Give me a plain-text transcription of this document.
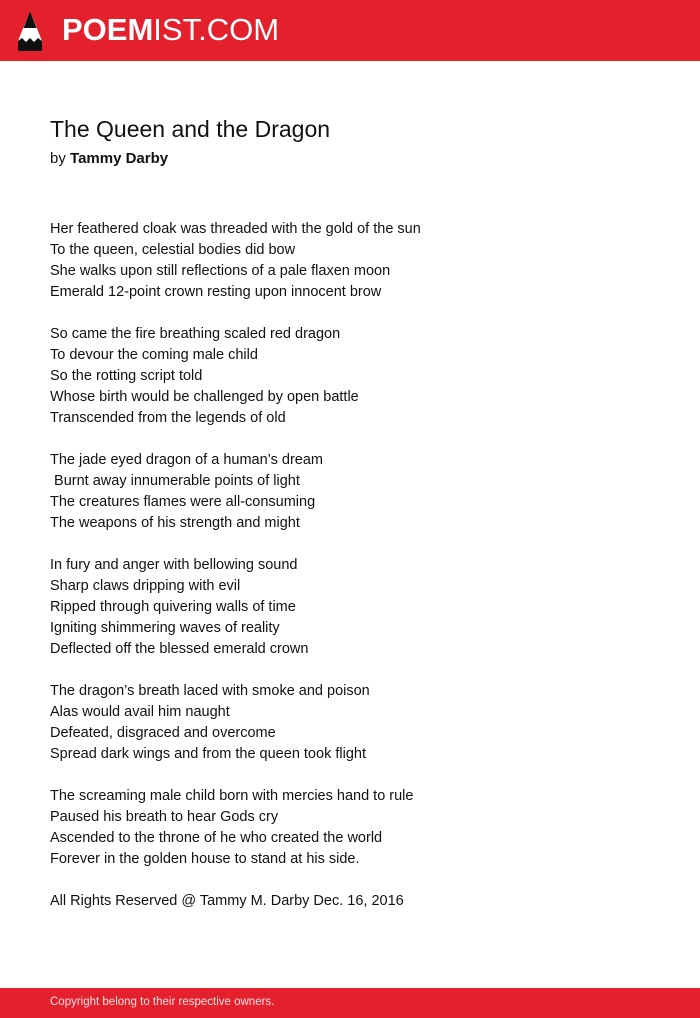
POEMIST.COM
The Queen and the Dragon
by Tammy Darby
Her feathered cloak was threaded with the gold of the sun
To the queen, celestial bodies did bow
She walks upon still reflections of a pale flaxen moon
Emerald 12-point crown resting upon innocent brow
So came the fire breathing scaled red dragon
To devour the coming male child
So the rotting script told
Whose birth would be challenged by open battle
Transcended from the legends of old
The jade eyed dragon of a human’s dream
Burnt away innumerable points of light
The creatures flames were all-consuming
The weapons of his strength and might
In fury and anger with bellowing sound
Sharp claws dripping with evil
Ripped through quivering walls of time
Igniting shimmering waves of reality
Deflected off the blessed emerald crown
The dragon’s breath laced with smoke and poison
Alas would avail him naught
Defeated, disgraced and overcome
Spread dark wings and from the queen took flight
The screaming male child born with mercies hand to rule
Paused his breath to hear Gods cry
Ascended to the throne of he who created the world
Forever in the golden house to stand at his side.
All Rights Reserved @ Tammy M. Darby Dec. 16, 2016
Copyright belong to their respective owners.
